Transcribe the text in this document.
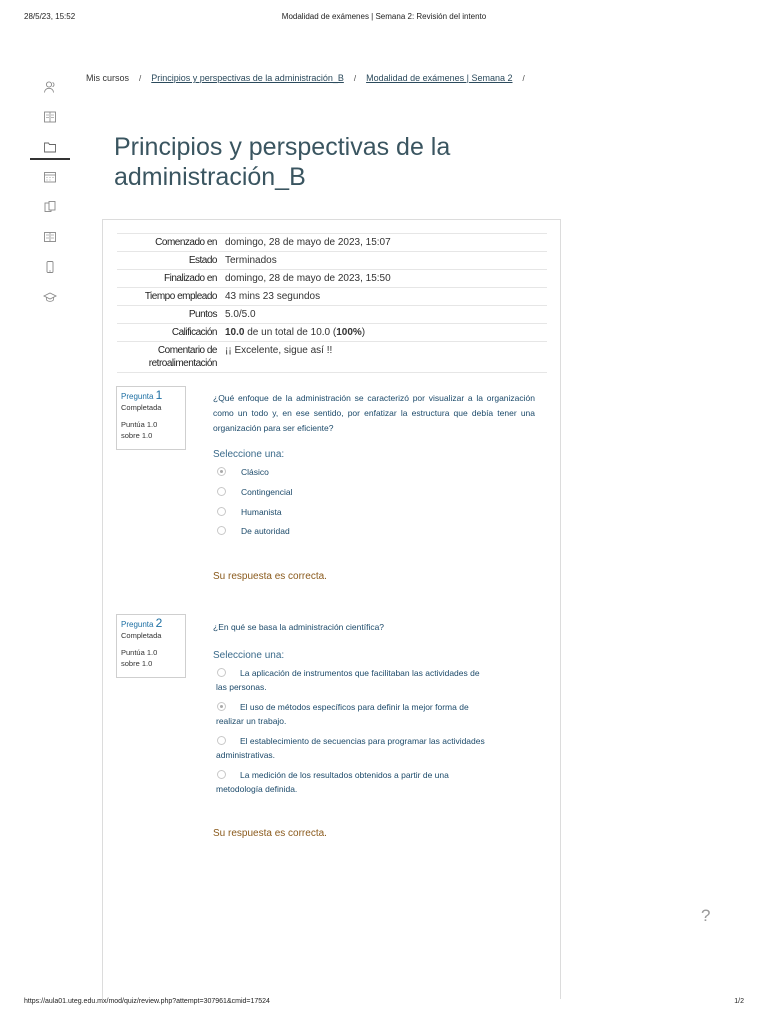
28/5/23, 15:52	Modalidad de exámenes | Semana 2: Revisión del intento
Mis cursos / Principios y perspectivas de la administración_B / Modalidad de exámenes | Semana 2 /
Principios y perspectivas de la administración_B
Comenzado en domingo, 28 de mayo de 2023, 15:07
Estado Terminados
Finalizado en domingo, 28 de mayo de 2023, 15:50
Tiempo empleado 43 mins 23 segundos
Puntos 5.0/5.0
Calificación 10.0 de un total de 10.0 (100%)
Comentario de retroalimentación
¡¡ Excelente, sigue así !!
Pregunta 1
Completada
Puntúa 1.0
sobre 1.0
¿Qué enfoque de la administración se caracterizó por visualizar a la organización como un todo y, en ese sentido, por enfatizar la estructura que debía tener una organización para ser eficiente?
Seleccione una:
Clásico
Contingencial
Humanista
De autoridad
Su respuesta es correcta.
Pregunta 2
Completada
Puntúa 1.0
sobre 1.0
¿En qué se basa la administración científica?
Seleccione una:
La aplicación de instrumentos que facilitaban las actividades de
las personas.
El uso de métodos específicos para definir la mejor forma de
realizar un trabajo.
El establecimiento de secuencias para programar las actividades
administrativas.
La medición de los resultados obtenidos a partir de una
metodología definida.
Su respuesta es correcta.
?
https://aula01.uteg.edu.mx/mod/quiz/review.php?attempt=307961&cmid=17524	1/2
